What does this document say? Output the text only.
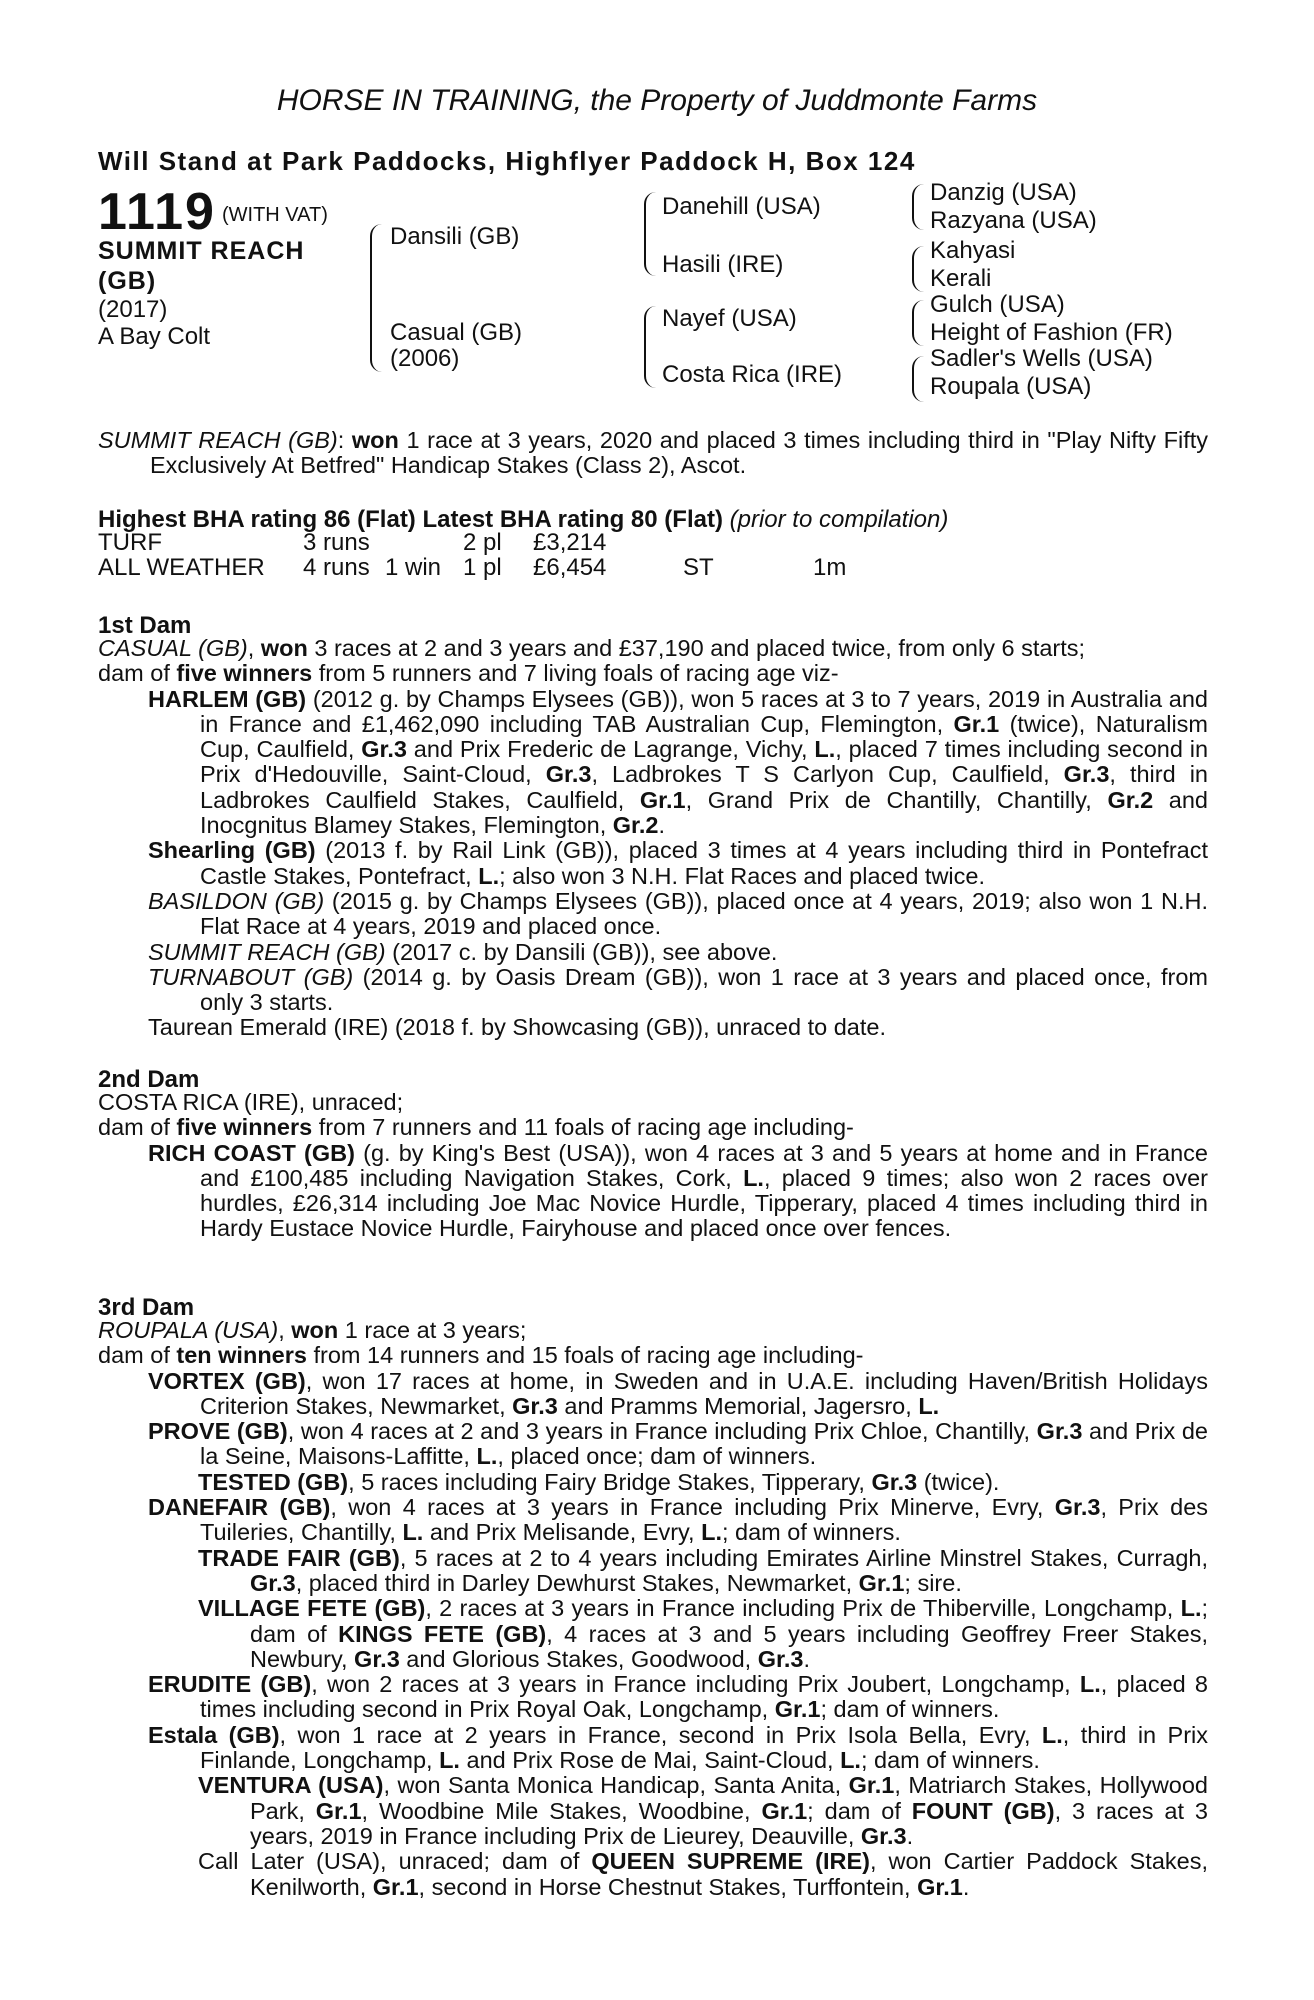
HORSE IN TRAINING, the Property of Juddmonte Farms
Will Stand at Park Paddocks, Highflyer Paddock H, Box 124
1119 (WITH VAT)
SUMMIT REACH
(GB)
(2017)
A Bay Colt
Dansili (GB)
Casual (GB)
(2006)
Danehill (USA)
Hasili (IRE)
Nayef (USA)
Costa Rica (IRE)
Danzig (USA)
Razyana (USA)
Kahyasi
Kerali
Gulch (USA)
Height of Fashion (FR)
Sadler's Wells (USA)
Roupala (USA)
SUMMIT REACH (GB): won 1 race at 3 years, 2020 and placed 3 times including third in "Play Nifty Fifty Exclusively At Betfred" Handicap Stakes (Class 2), Ascot.
Highest BHA rating 86 (Flat) Latest BHA rating 80 (Flat) (prior to compilation)
TURF	3 runs		2 pl	£3,214		
ALL WEATHER	4 runs	1 win	1 pl	£6,454	ST	1m
1st Dam
CASUAL (GB), won 3 races at 2 and 3 years and £37,190 and placed twice, from only 6 starts;
dam of five winners from 5 runners and 7 living foals of racing age viz-
HARLEM (GB) (2012 g. by Champs Elysees (GB)), won 5 races at 3 to 7 years, 2019 in Australia and in France and £1,462,090 including TAB Australian Cup, Flemington, Gr.1 (twice), Naturalism Cup, Caulfield, Gr.3 and Prix Frederic de Lagrange, Vichy, L., placed 7 times including second in Prix d'Hedouville, Saint-Cloud, Gr.3, Ladbrokes T S Carlyon Cup, Caulfield, Gr.3, third in Ladbrokes Caulfield Stakes, Caulfield, Gr.1, Grand Prix de Chantilly, Chantilly, Gr.2 and Inocgnitus Blamey Stakes, Flemington, Gr.2.
Shearling (GB) (2013 f. by Rail Link (GB)), placed 3 times at 4 years including third in Pontefract Castle Stakes, Pontefract, L.; also won 3 N.H. Flat Races and placed twice.
BASILDON (GB) (2015 g. by Champs Elysees (GB)), placed once at 4 years, 2019; also won 1 N.H. Flat Race at 4 years, 2019 and placed once.
SUMMIT REACH (GB) (2017 c. by Dansili (GB)), see above.
TURNABOUT (GB) (2014 g. by Oasis Dream (GB)), won 1 race at 3 years and placed once, from only 3 starts.
Taurean Emerald (IRE) (2018 f. by Showcasing (GB)), unraced to date.
2nd Dam
COSTA RICA (IRE), unraced;
dam of five winners from 7 runners and 11 foals of racing age including-
RICH COAST (GB) (g. by King's Best (USA)), won 4 races at 3 and 5 years at home and in France and £100,485 including Navigation Stakes, Cork, L., placed 9 times; also won 2 races over hurdles, £26,314 including Joe Mac Novice Hurdle, Tipperary, placed 4 times including third in Hardy Eustace Novice Hurdle, Fairyhouse and placed once over fences.
3rd Dam
ROUPALA (USA), won 1 race at 3 years;
dam of ten winners from 14 runners and 15 foals of racing age including-
VORTEX (GB), won 17 races at home, in Sweden and in U.A.E. including Haven/British Holidays Criterion Stakes, Newmarket, Gr.3 and Pramms Memorial, Jagersro, L.
PROVE (GB), won 4 races at 2 and 3 years in France including Prix Chloe, Chantilly, Gr.3 and Prix de la Seine, Maisons-Laffitte, L., placed once; dam of winners.
TESTED (GB), 5 races including Fairy Bridge Stakes, Tipperary, Gr.3 (twice).
DANEFAIR (GB), won 4 races at 3 years in France including Prix Minerve, Evry, Gr.3, Prix des Tuileries, Chantilly, L. and Prix Melisande, Evry, L.; dam of winners.
TRADE FAIR (GB), 5 races at 2 to 4 years including Emirates Airline Minstrel Stakes, Curragh, Gr.3, placed third in Darley Dewhurst Stakes, Newmarket, Gr.1; sire.
VILLAGE FETE (GB), 2 races at 3 years in France including Prix de Thiberville, Longchamp, L.; dam of KINGS FETE (GB), 4 races at 3 and 5 years including Geoffrey Freer Stakes, Newbury, Gr.3 and Glorious Stakes, Goodwood, Gr.3.
ERUDITE (GB), won 2 races at 3 years in France including Prix Joubert, Longchamp, L., placed 8 times including second in Prix Royal Oak, Longchamp, Gr.1; dam of winners.
Estala (GB), won 1 race at 2 years in France, second in Prix Isola Bella, Evry, L., third in Prix Finlande, Longchamp, L. and Prix Rose de Mai, Saint-Cloud, L.; dam of winners.
VENTURA (USA), won Santa Monica Handicap, Santa Anita, Gr.1, Matriarch Stakes, Hollywood Park, Gr.1, Woodbine Mile Stakes, Woodbine, Gr.1; dam of FOUNT (GB), 3 races at 3 years, 2019 in France including Prix de Lieurey, Deauville, Gr.3.
Call Later (USA), unraced; dam of QUEEN SUPREME (IRE), won Cartier Paddock Stakes, Kenilworth, Gr.1, second in Horse Chestnut Stakes, Turffontein, Gr.1.
